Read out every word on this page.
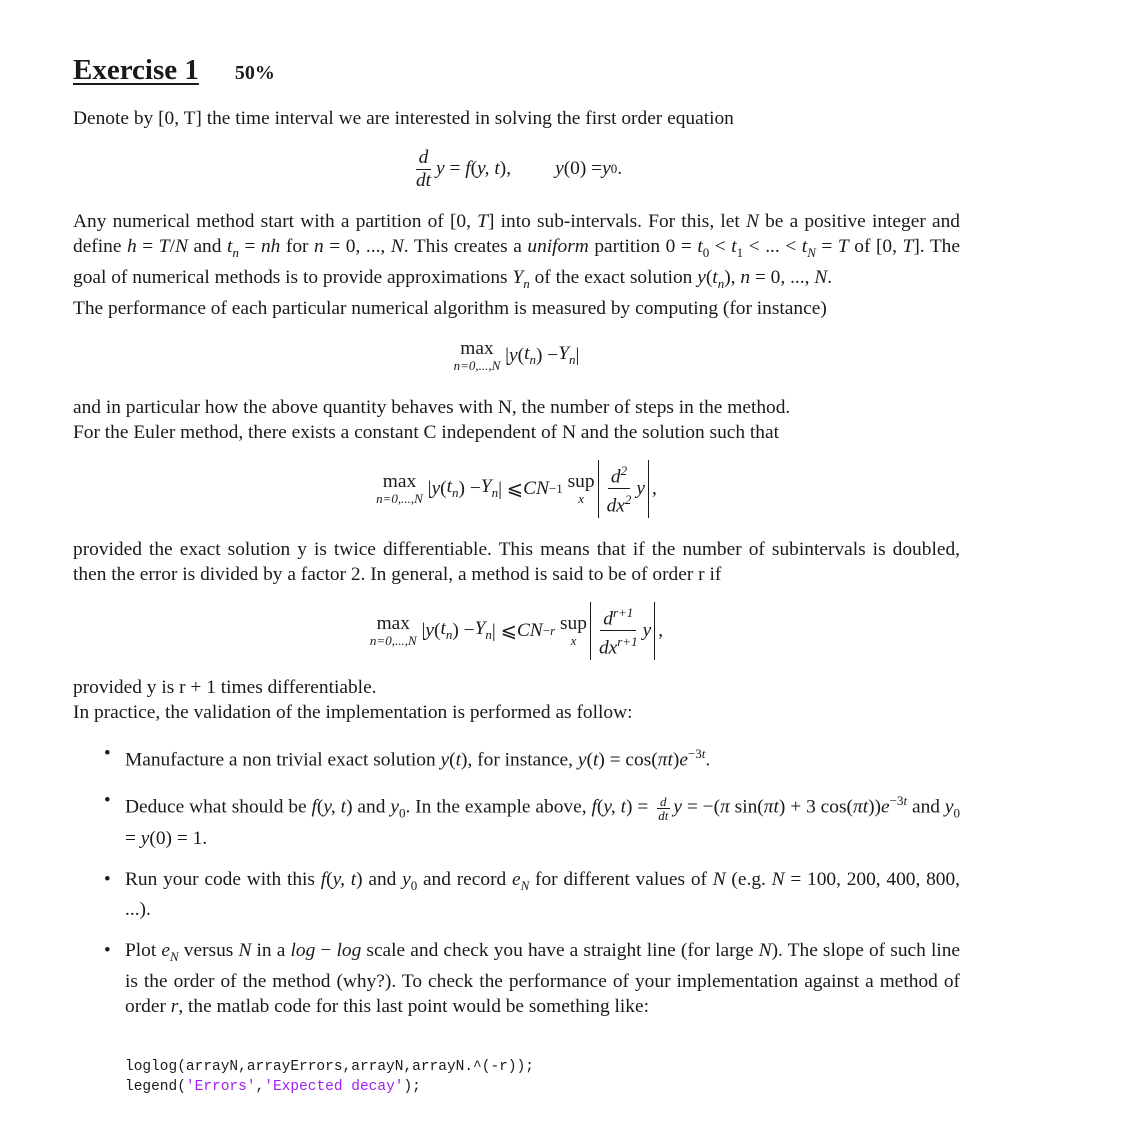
Exercise 1 50%

Denote by [0, T] the time interval we are interested in solving the first order equation

$\frac{d}{dt}$ y = f ( y, t ), y (0) = y 0 .

Any numerical method start with a partition of [0, T] into sub-intervals. For this, let N be a positive integer and define h = T/N and $t_n$ = nh for n = 0, ..., N. This creates a uniform partition $0 = t_0 < t_1$ < ... < $t_N = T$ of [0, T]. The goal of numerical methods is to provide approximations $Y_n$ of the exact solution $y(t_n)$, n = 0, ..., N.

The performance of each particular numerical algorithm is measured by computing (for instance)

max
n=0,...,N | y ( $t_n$ ) − $Y_n$ |

and in particular how the above quantity behaves with N, the number of steps in the method.

For the Euler method, there exists a constant C independent of N and the solution such that

max
n=0,...,N | y ( $t_n$ ) − $Y_n$ | ⩽ CN −1
sup
x $\frac{d^2}{dx^2}$ y ,

provided the exact solution y is twice differentiable. This means that if the number of subintervals is doubled, then the error is divided by a factor 2. In general, a method is said to be of order r if

max
n=0,...,N | y ( $t_n$ ) − $Y_n$ | ⩽ CN −r
sup
x $\frac{d^{r+1}}{dx^{r+1}}$ y ,

provided y is r + 1 times differentiable.

In practice, the validation of the implementation is performed as follow:

• Manufacture a non trivial exact solution y(t), for instance, $y(t) = \cos(\pi t)e^{-3t}$.

• Deduce what should be f(y, t) and $y_0$. In the example above, f(y, $t) = \frac{d}{dt}$ y = −(π sin(πt) + 3 $\cos(\pi t))e^{-3t}$ and $y_0 = y(0) = 1$.

• Run your code with this f(y, t) and $y_0$ and record $e_N$ for different values of N (e.g. N = 100, 200, 400, 800, ...).

• Plot $e_N$ versus N in a log − log scale and check you have a straight line (for large N). The slope of such line is the order of the method (why?). To check the performance of your implementation against a method of order r, the matlab code for this last point would be something like:

loglog(arrayN,arrayErrors,arrayN,arrayN.^(-r));
legend('Errors','Expected decay');
